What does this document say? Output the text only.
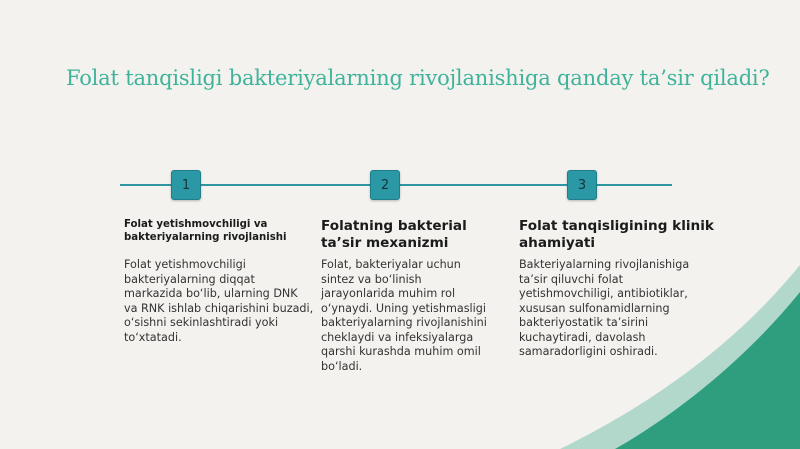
Folat tanqisligi bakteriyalarning rivojlanishiga qanday ta’sir qiladi?
1	2	3
Folat yetishmovchiligi va bakteriyalarning rivojlanishi

Folat yetishmovchiligi bakteriyalarning diqqat markazida bo‘lib, ularning DNK va RNK ishlab chiqarishini buzadi, o‘sishni sekinlashtiradi yoki to‘xtatadi.

Folatning bakterial ta’sir mexanizmi

Folat, bakteriyalar uchun sintez va bo‘linish jarayonlarida muhim rol o‘ynaydi. Uning yetishmasligi bakteriyalarning rivojlanishini cheklaydi va infeksiyalarga qarshi kurashda muhim omil bo‘ladi.

Folat tanqisligining klinik ahamiyati

Bakteriyalarning rivojlanishiga ta’sir qiluvchi folat yetishmovchiligi, antibiotiklar, xususan sulfonamidlarning bakteriyostatik ta’sirini kuchaytiradi, davolash samaradorligini oshiradi.
